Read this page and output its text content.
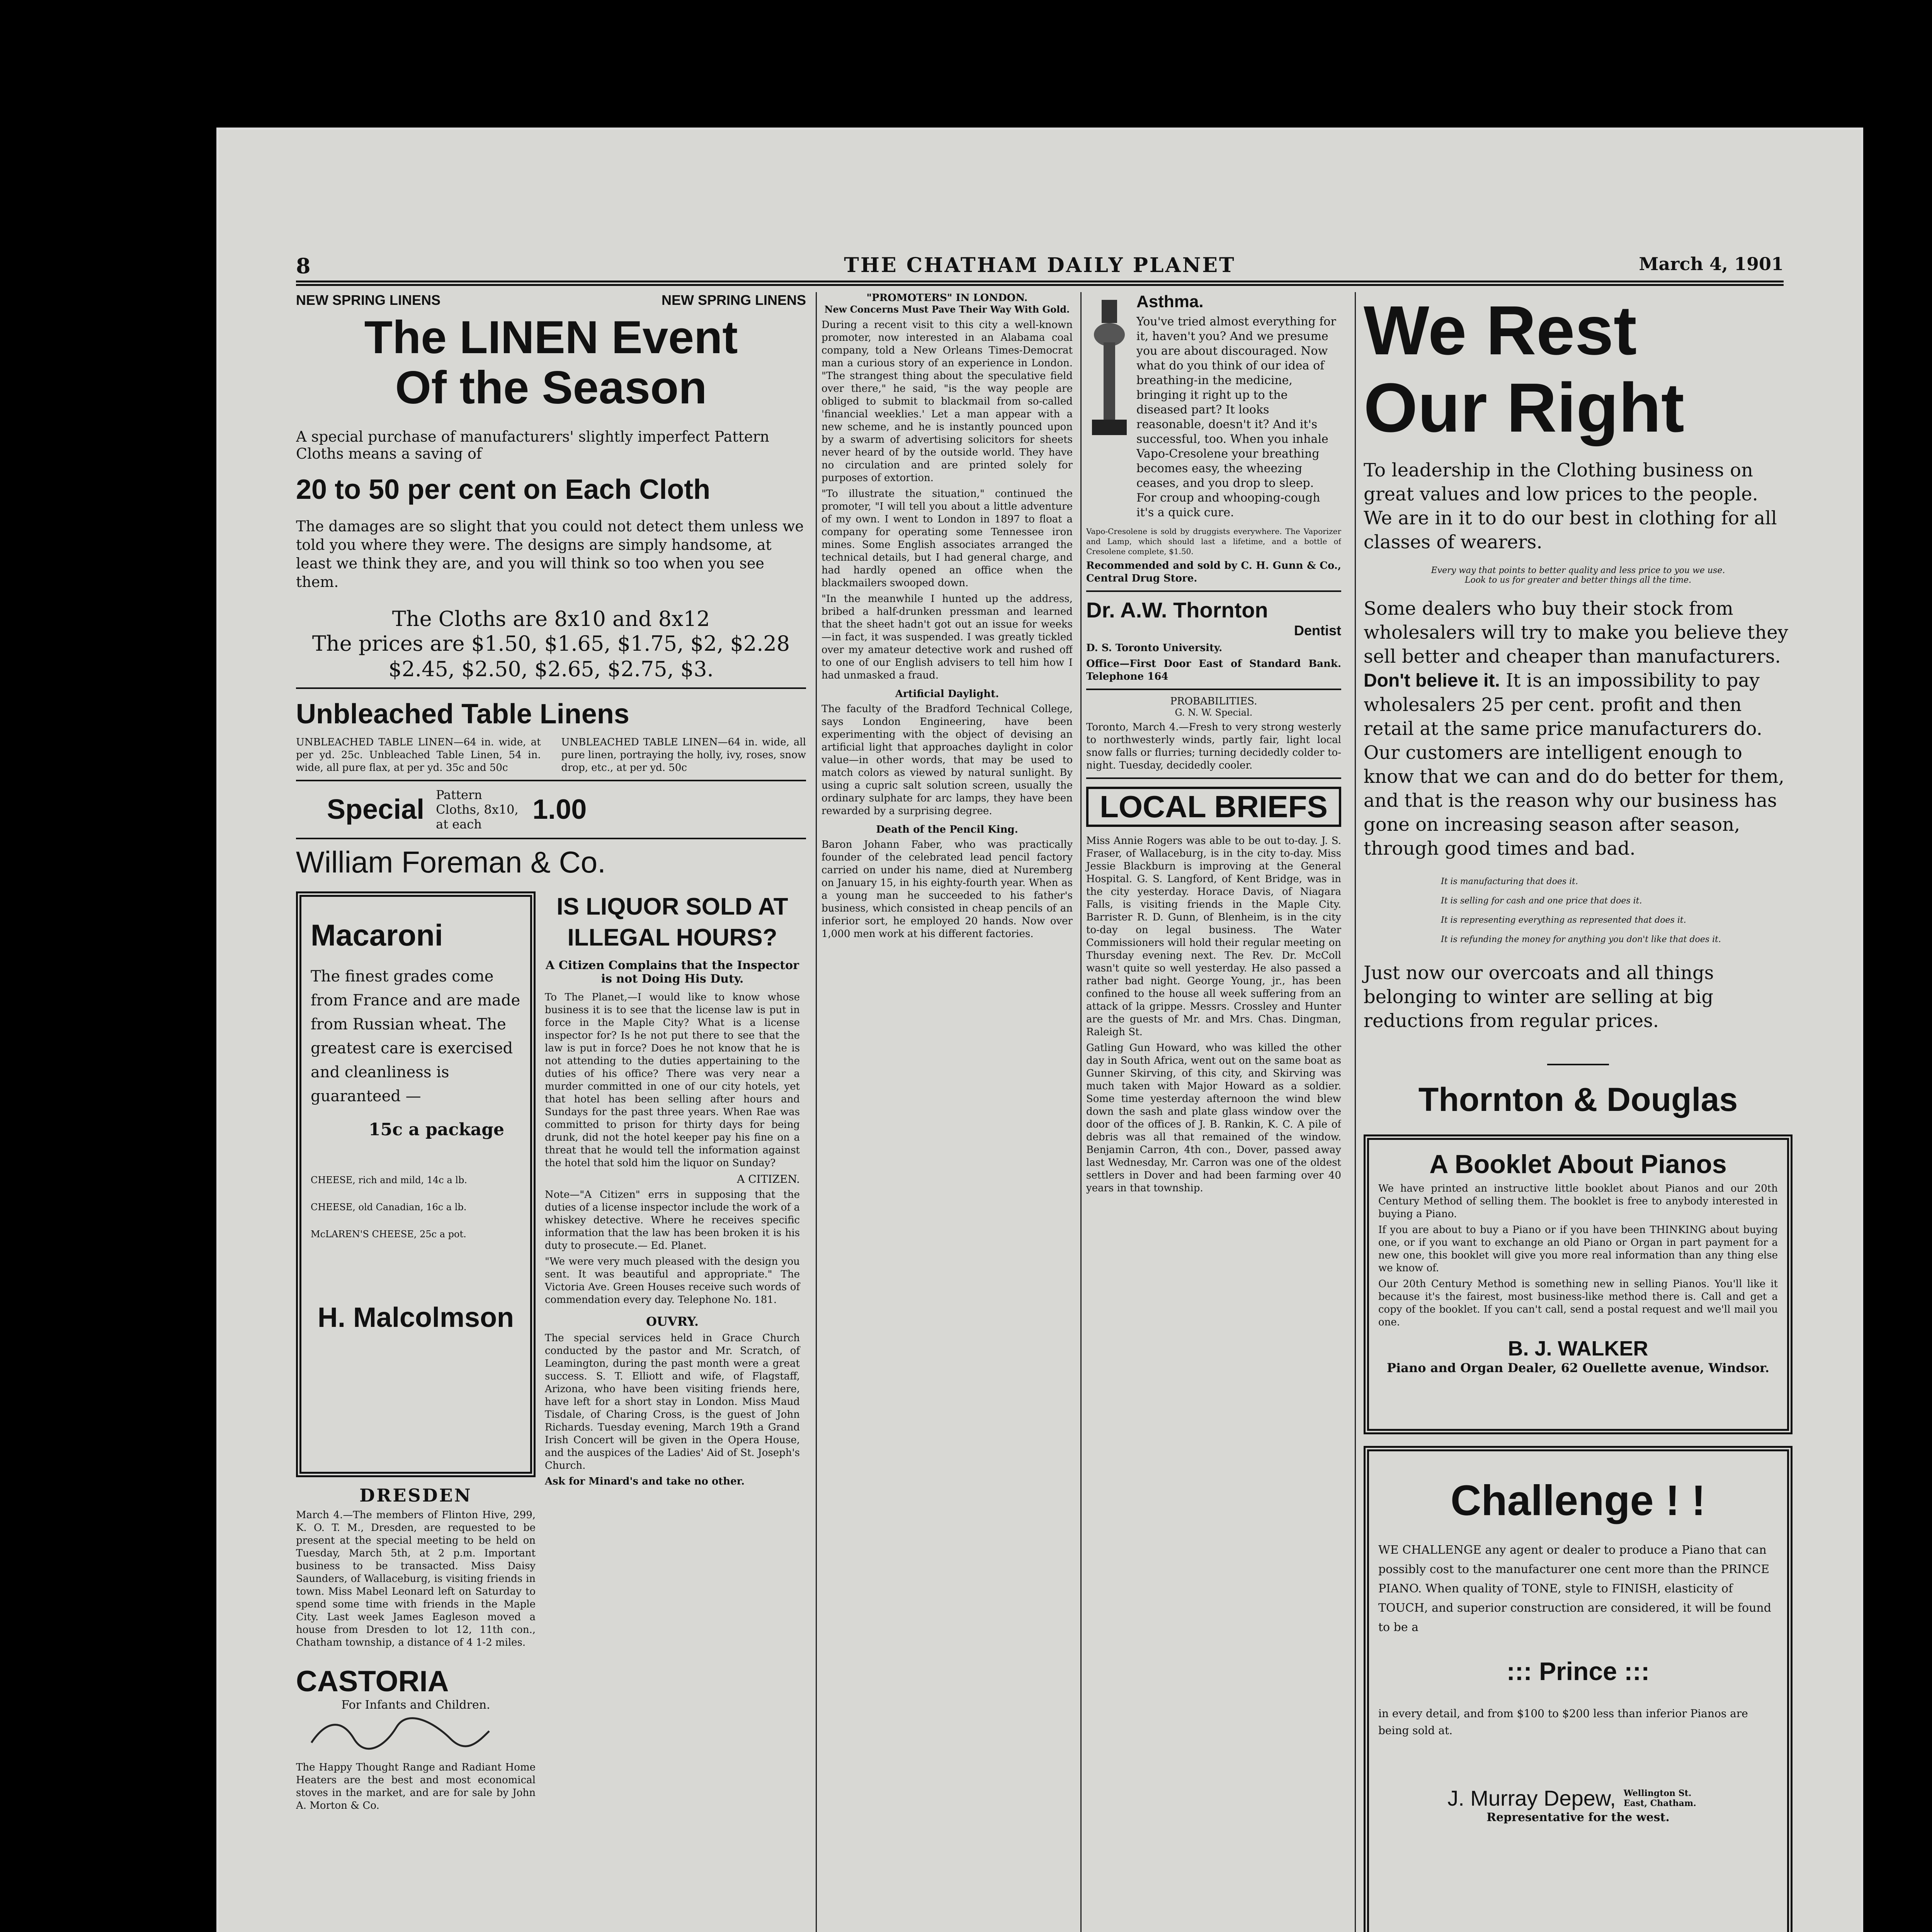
8	THE CHATHAM DAILY PLANET	March 4, 1901
NEW SPRING LINENS	NEW SPRING LINENS
The LINEN Event
Of the Season

A special purchase of manufacturers' slightly imperfect Pattern Cloths means a saving of

20 to 50 per cent on Each Cloth

The damages are so slight that you could not detect them unless we told you where they were. The designs are simply handsome, at least we think they are, and you will think so too when you see them.

The Cloths are 8x10 and 8x12
The prices are $1.50, $1.65, $1.75, $2, $2.28 $2.45, $2.50, $2.65, $2.75, $3.
Unbleached Table Linens
UNBLEACHED TABLE LINEN—64 in. wide, at per yd. 25c. Unbleached Table Linen, 54 in. wide, all pure flax, at per yd. 35c and 50c
UNBLEACHED TABLE LINEN—64 in. wide, all pure linen, portraying the holly, ivy, roses, snow drop, etc., at per yd. 50c
Special Pattern Cloths, 8x10, at each	1.00
William Foreman & Co.
Macaroni

The finest grades come from France and are made from Russian wheat. The greatest care is exercised and cleanliness is guaranteed —

15c a package
CHEESE, rich and mild, 14c a lb.
CHEESE, old Canadian, 16c a lb.
McLAREN'S CHEESE, 25c a pot.
H. Malcolmson
DRESDEN

March 4.—The members of Flinton Hive, 299, K. O. T. M., Dresden, are requested to be present at the special meeting to be held on Tuesday, March 5th, at 2 p.m. Important business to be transacted. Miss Daisy Saunders, of Wallaceburg, is visiting friends in town. Miss Mabel Leonard left on Saturday to spend some time with friends in the Maple City. Last week James Eagleson moved a house from Dresden to lot 12, 11th con., Chatham township, a distance of 4 1-2 miles.

CASTORIA
For Infants and Children.

The Happy Thought Range and Radiant Home Heaters are the best and most economical stoves in the market, and are for sale by John A. Morton & Co.

IS LIQUOR SOLD AT ILLEGAL HOURS?
A Citizen Complains that the Inspector is not Doing His Duty.

To The Planet,—I would like to know whose business it is to see that the license law is put in force in the Maple City? What is a license inspector for? Is he not put there to see that the law is put in force? Does he not know that he is not attending to the duties appertaining to the duties of his office? There was very near a murder committed in one of our city hotels, yet that hotel has been selling after hours and Sundays for the past three years. When Rae was committed to prison for thirty days for being drunk, did not the hotel keeper pay his fine on a threat that he would tell the information against the hotel that sold him the liquor on Sunday?

A CITIZEN.

Note—"A Citizen" errs in supposing that the duties of a license inspector include the work of a whiskey detective. Where he receives specific information that the law has been broken it is his duty to prosecute.— Ed. Planet.

"We were very much pleased with the design you sent. It was beautiful and appropriate." The Victoria Ave. Green Houses receive such words of commendation every day. Telephone No. 181.

OUVRY.

The special services held in Grace Church conducted by the pastor and Mr. Scratch, of Leamington, during the past month were a great success. S. T. Elliott and wife, of Flagstaff, Arizona, who have been visiting friends here, have left for a short stay in London. Miss Maud Tisdale, of Charing Cross, is the guest of John Richards. Tuesday evening, March 19th a Grand Irish Concert will be given in the Opera House, and the auspices of the Ladies' Aid of St. Joseph's Church.

Ask for Minard's and take no other.

"PROMOTERS" IN LONDON.
New Concerns Must Pave Their Way With Gold.

During a recent visit to this city a well-known promoter, now interested in an Alabama coal company, told a New Orleans Times-Democrat man a curious story of an experience in London. "The strangest thing about the speculative field over there," he said, "is the way people are obliged to submit to blackmail from so-called 'financial weeklies.' Let a man appear with a new scheme, and he is instantly pounced upon by a swarm of advertising solicitors for sheets never heard of by the outside world. They have no circulation and are printed solely for purposes of extortion.

"To illustrate the situation," continued the promoter, "I will tell you about a little adventure of my own. I went to London in 1897 to float a company for operating some Tennessee iron mines. Some English associates arranged the technical details, but I had general charge, and had hardly opened an office when the blackmailers swooped down.

"In the meanwhile I hunted up the address, bribed a half-drunken pressman and learned that the sheet hadn't got out an issue for weeks—in fact, it was suspended. I was greatly tickled over my amateur detective work and rushed off to one of our English advisers to tell him how I had unmasked a fraud.

Artificial Daylight.

The faculty of the Bradford Technical College, says London Engineering, have been experimenting with the object of devising an artificial light that approaches daylight in color value—in other words, that may be used to match colors as viewed by natural sunlight. By using a cupric salt solution screen, usually the ordinary sulphate for arc lamps, they have been rewarded by a surprising degree.

Death of the Pencil King.

Baron Johann Faber, who was practically founder of the celebrated lead pencil factory carried on under his name, died at Nuremberg on January 15, in his eighty-fourth year. When as a young man he succeeded to his father's business, which consisted in cheap pencils of an inferior sort, he employed 20 hands. Now over 1,000 men work at his different factories.

Asthma.

You've tried almost everything for it, haven't you? And we presume you are about discouraged. Now what do you think of our idea of breathing-in the medicine, bringing it right up to the diseased part? It looks reasonable, doesn't it? And it's successful, too. When you inhale Vapo-Cresolene your breathing becomes easy, the wheezing ceases, and you drop to sleep. For croup and whooping-cough it's a quick cure.

Vapo-Cresolene is sold by druggists everywhere. The Vaporizer and Lamp, which should last a lifetime, and a bottle of Cresolene complete, $1.50.

Recommended and sold by C. H. Gunn & Co., Central Drug Store.

Dr. A.W. Thornton
Dentist

D. S. Toronto University.

Office—First Door East of Standard Bank. Telephone 164

PROBABILITIES.
G. N. W. Special.

Toronto, March 4.—Fresh to very strong westerly to northwesterly winds, partly fair, light local snow falls or flurries; turning decidedly colder to-night. Tuesday, decidedly cooler.

LOCAL BRIEFS

Miss Annie Rogers was able to be out to-day. J. S. Fraser, of Wallaceburg, is in the city to-day. Miss Jessie Blackburn is improving at the General Hospital. G. S. Langford, of Kent Bridge, was in the city yesterday. Horace Davis, of Niagara Falls, is visiting friends in the Maple City. Barrister R. D. Gunn, of Blenheim, is in the city to-day on legal business. The Water Commissioners will hold their regular meeting on Thursday evening next. The Rev. Dr. McColl wasn't quite so well yesterday. He also passed a rather bad night. George Young, jr., has been confined to the house all week suffering from an attack of la grippe. Messrs. Crossley and Hunter are the guests of Mr. and Mrs. Chas. Dingman, Raleigh St.

Gatling Gun Howard, who was killed the other day in South Africa, went out on the same boat as Gunner Skirving, of this city, and Skirving was much taken with Major Howard as a soldier. Some time yesterday afternoon the wind blew down the sash and plate glass window over the door of the offices of J. B. Rankin, K. C. A pile of debris was all that remained of the window. Benjamin Carron, 4th con., Dover, passed away last Wednesday, Mr. Carron was one of the oldest settlers in Dover and had been farming over 40 years in that township.

We Rest
Our Right

To leadership in the Clothing business on great values and low prices to the people. We are in it to do our best in clothing for all classes of wearers.

Every way that points to better quality and less price to you we use.
Look to us for greater and better things all the time.

Some dealers who buy their stock from wholesalers will try to make you believe they sell better and cheaper than manufacturers. Don't believe it. It is an impossibility to pay wholesalers 25 per cent. profit and then retail at the same price manufacturers do. Our customers are intelligent enough to know that we can and do do better for them, and that is the reason why our business has gone on increasing season after season, through good times and bad.

It is manufacturing that does it.
It is selling for cash and one price that does it.
It is representing everything as represented that does it.
It is refunding the money for anything you don't like that does it.

Just now our overcoats and all things belonging to winter are selling at big reductions from regular prices.

Thornton & Douglas
A Booklet About Pianos

We have printed an instructive little booklet about Pianos and our 20th Century Method of selling them. The booklet is free to anybody interested in buying a Piano.

If you are about to buy a Piano or if you have been THINKING about buying one, or if you want to exchange an old Piano or Organ in part payment for a new one, this booklet will give you more real information than any thing else we know of.

Our 20th Century Method is something new in selling Pianos. You'll like it because it's the fairest, most business-like method there is. Call and get a copy of the booklet. If you can't call, send a postal request and we'll mail you one.

B. J. WALKER
Piano and Organ Dealer, 62 Ouellette avenue, Windsor.
Challenge ! !

WE CHALLENGE any agent or dealer to produce a Piano that can possibly cost to the manufacturer one cent more than the PRINCE PIANO. When quality of TONE, style to FINISH, elasticity of TOUCH, and superior construction are considered, it will be found to be a

::: Prince :::

in every detail, and from $100 to $200 less than inferior Pianos are being sold at.

J. Murray Depew, Wellington St. East, Chatham.
Representative for the west.
